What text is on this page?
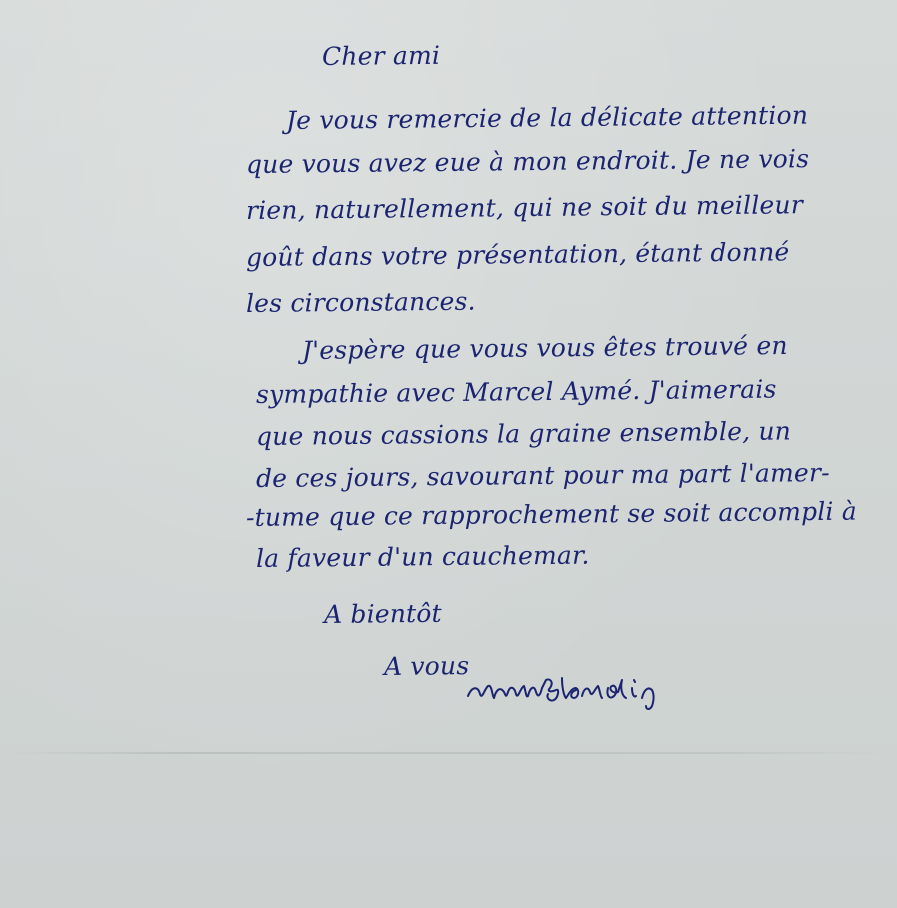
Cher ami
Je vous remercie de la délicate attention
que vous avez eue à mon endroit. Je ne vois
rien, naturellement, qui ne soit du meilleur
goût dans votre présentation, étant donné
les circonstances.
J'espère que vous vous êtes trouvé en
sympathie avec Marcel Aymé. J'aimerais
que nous cassions la graine ensemble, un
de ces jours, savourant pour ma part l'amer-
-tume que ce rapprochement se soit accompli à
la faveur d'un cauchemar.
A bientôt
A vous
